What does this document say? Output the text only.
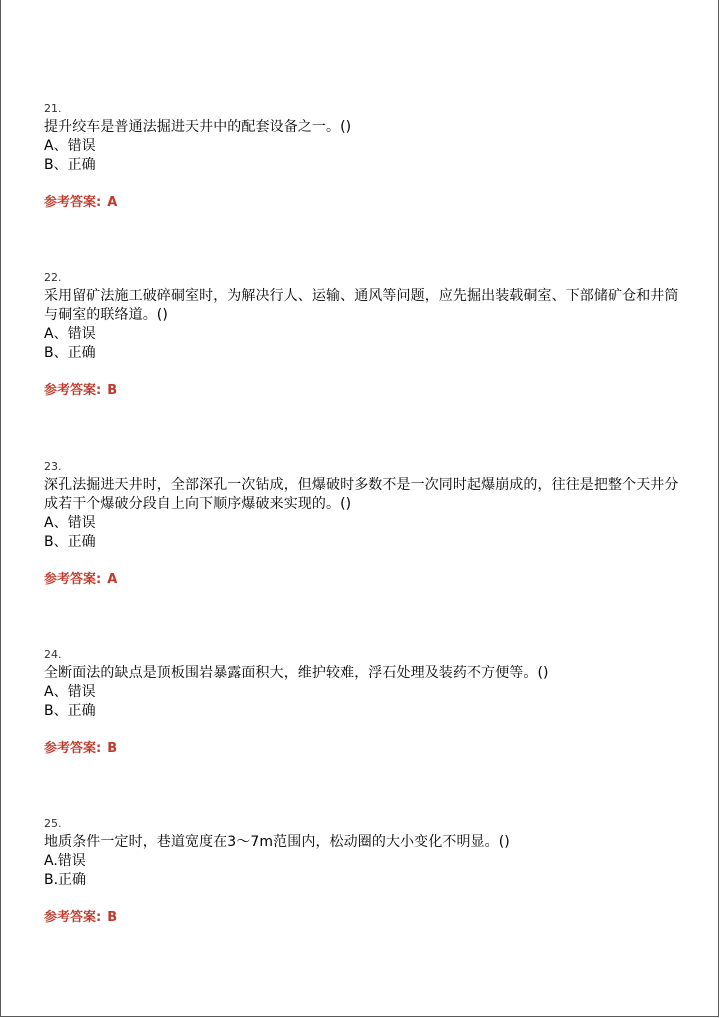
21.
提升绞车是普通法掘进天井中的配套设备之一。()
A、错误
B、正确
参考答案: A
22.
采用留矿法施工破碎硐室时，为解决行人、运输、通风等问题，应先掘出装载硐室、下部储矿仓和井筒与硐室的联络道。()
A、错误
B、正确
参考答案: B
23.
深孔法掘进天井时，全部深孔一次钻成，但爆破时多数不是一次同时起爆崩成的，往往是把整个天井分成若干个爆破分段自上向下顺序爆破来实现的。()
A、错误
B、正确
参考答案: A
24.
全断面法的缺点是顶板围岩暴露面积大，维护较难，浮石处理及装药不方便等。()
A、错误
B、正确
参考答案: B
25.
地质条件一定时，巷道宽度在3～7m范围内，松动圈的大小变化不明显。()
A.错误
B.正确
参考答案: B
